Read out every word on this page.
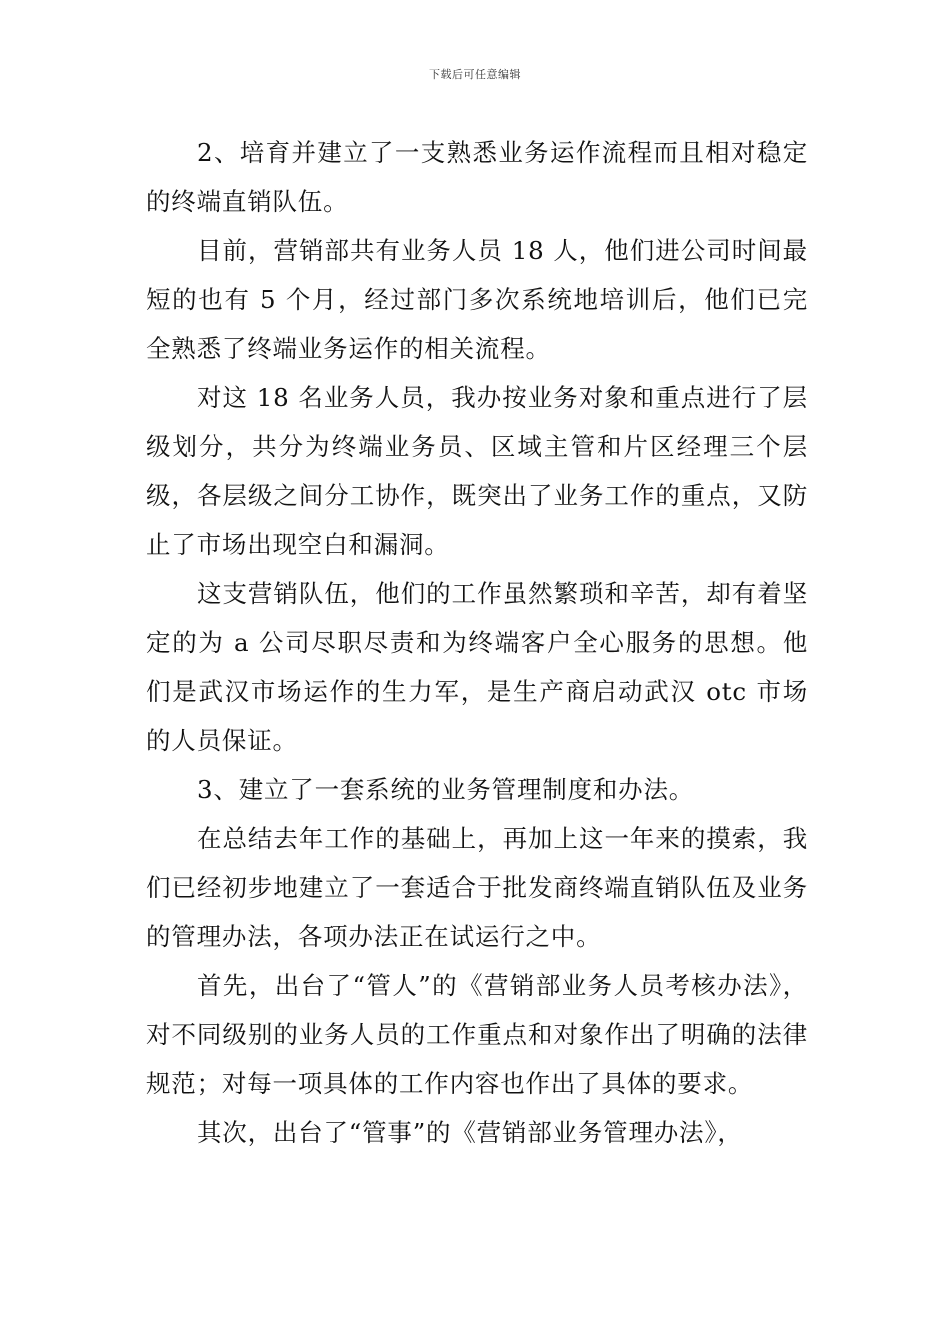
下载后可任意编辑

2、培育并建立了一支熟悉业务运作流程而且相对稳定的终端直销队伍。

目前，营销部共有业务人员 18 人，他们进公司时间最短的也有 5 个月，经过部门多次系统地培训后，他们已完全熟悉了终端业务运作的相关流程。

对这 18 名业务人员，我办按业务对象和重点进行了层级划分，共分为终端业务员、区域主管和片区经理三个层级，各层级之间分工协作，既突出了业务工作的重点，又防止了市场出现空白和漏洞。

这支营销队伍，他们的工作虽然繁琐和辛苦，却有着坚定的为 a 公司尽职尽责和为终端客户全心服务的思想。他们是武汉市场运作的生力军，是生产商启动武汉 otc 市场的人员保证。

3、建立了一套系统的业务管理制度和办法。

在总结去年工作的基础上，再加上这一年来的摸索，我们已经初步地建立了一套适合于批发商终端直销队伍及业务的管理办法，各项办法正在试运行之中。

首先，出台了“管人”的《营销部业务人员考核办法》，对不同级别的业务人员的工作重点和对象作出了明确的法律规范；对每一项具体的工作内容也作出了具体的要求。

其次，出台了“管事”的《营销部业务管理办法》，
